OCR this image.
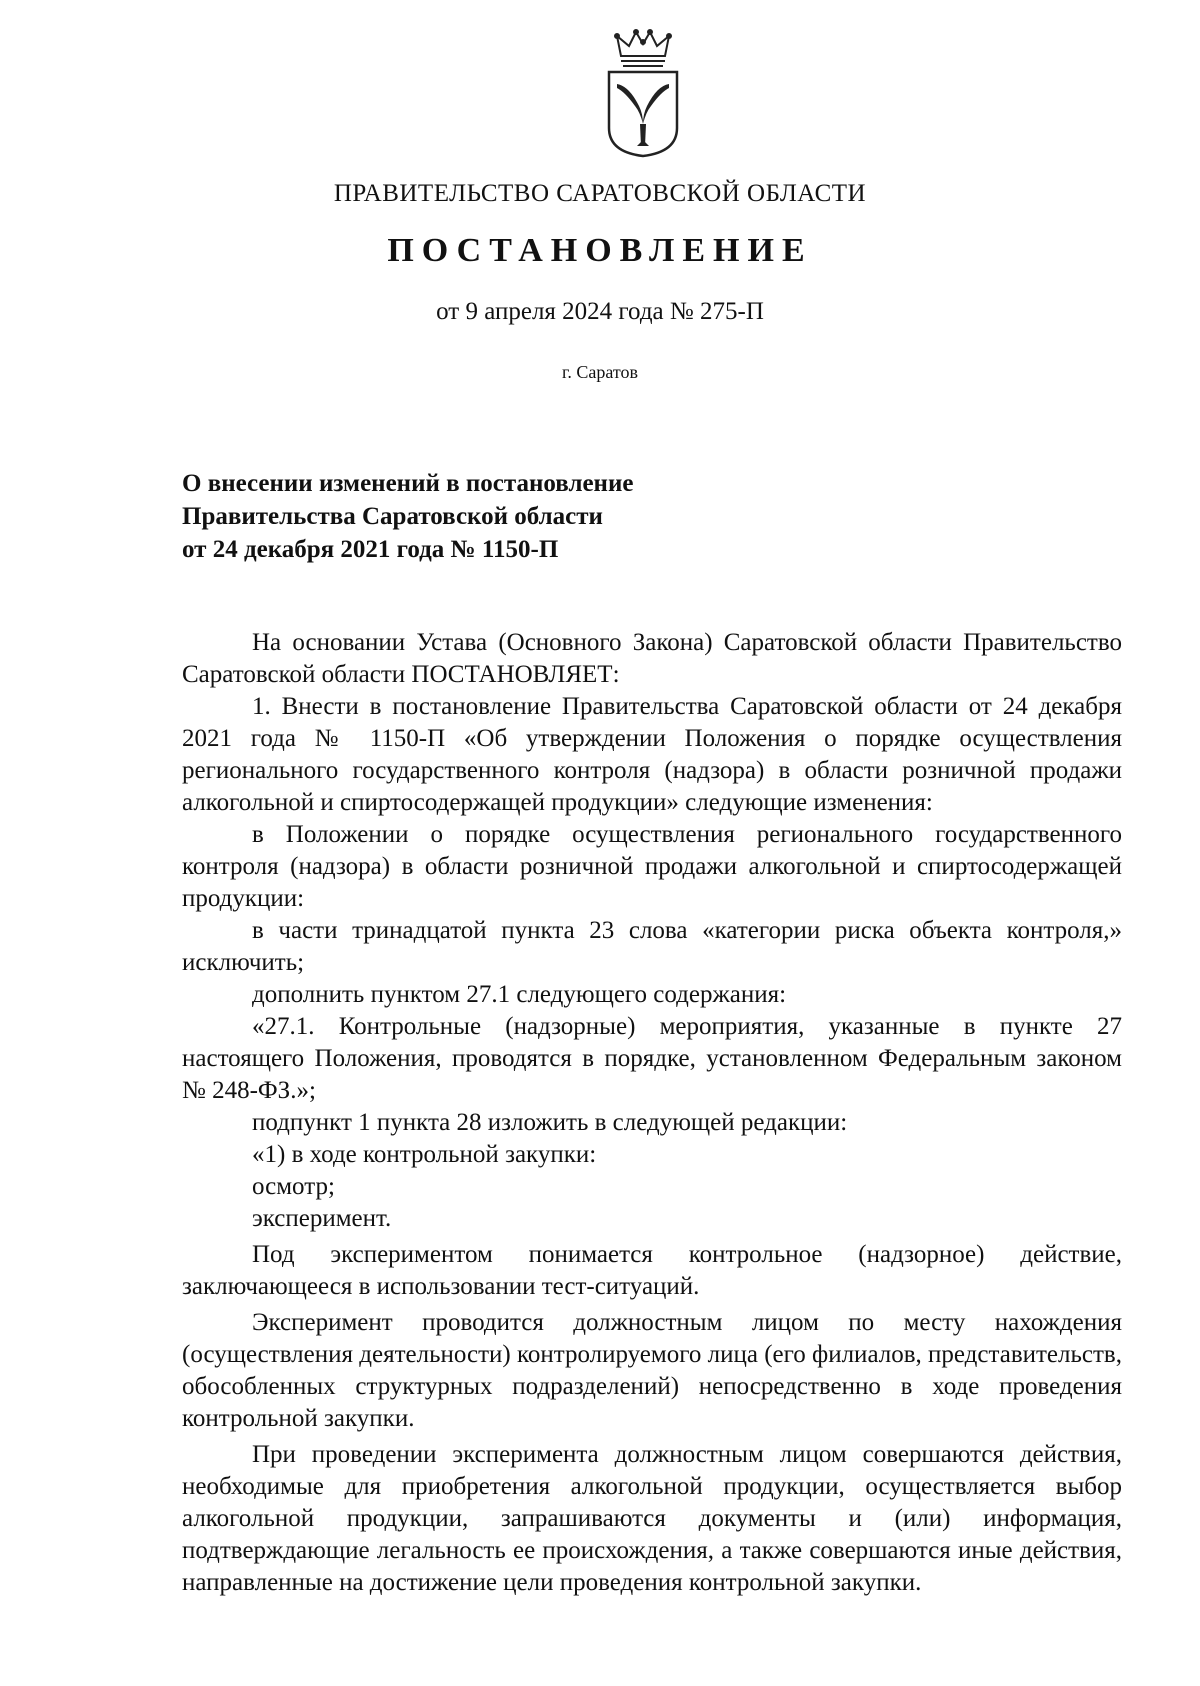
ПРАВИТЕЛЬСТВО САРАТОВСКОЙ ОБЛАСТИ
ПОСТАНОВЛЕНИЕ
от 9 апреля 2024 года № 275-П
г. Саратов
О внесении изменений в постановление
Правительства Саратовской области
от 24 декабря 2021 года № 1150-П

На основании Устава (Основного Закона) Саратовской области Правительство Саратовской области ПОСТАНОВЛЯЕТ:

1. Внести в постановление Правительства Саратовской области от 24 декабря 2021 года № 1150-П «Об утверждении Положения о порядке осуществления регионального государственного контроля (надзора) в области розничной продажи алкогольной и спиртосодержащей продукции» следующие изменения:

в Положении о порядке осуществления регионального государственного контроля (надзора) в области розничной продажи алкогольной и спиртосодержащей продукции:

в части тринадцатой пункта 23 слова «категории риска объекта контроля,» исключить;

дополнить пунктом 27.1 следующего содержания:

«27.1. Контрольные (надзорные) мероприятия, указанные в пункте 27 настоящего Положения, проводятся в порядке, установленном Федеральным законом № 248-ФЗ.»;

подпункт 1 пункта 28 изложить в следующей редакции:

«1) в ходе контрольной закупки:

осмотр;

эксперимент.

Под экспериментом понимается контрольное (надзорное) действие, заключающееся в использовании тест-ситуаций.

Эксперимент проводится должностным лицом по месту нахождения (осуществления деятельности) контролируемого лица (его филиалов, представительств, обособленных структурных подразделений) непосредственно в ходе проведения контрольной закупки.

При проведении эксперимента должностным лицом совершаются действия, необходимые для приобретения алкогольной продукции, осуществляется выбор алкогольной продукции, запрашиваются документы и (или) информация, подтверждающие легальность ее происхождения, а также совершаются иные действия, направленные на достижение цели проведения контрольной закупки.
